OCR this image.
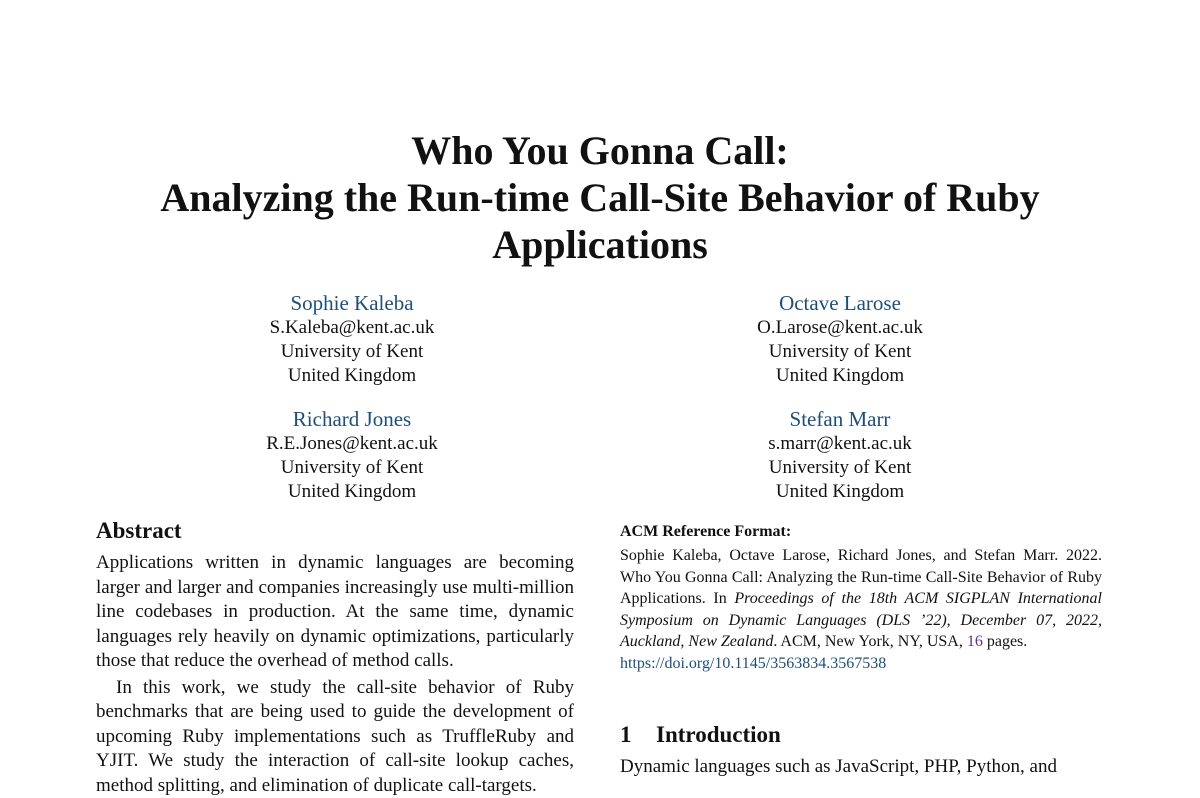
Who You Gonna Call:
Analyzing the Run-time Call-Site Behavior of Ruby
Applications
Sophie Kaleba
S.Kaleba@kent.ac.uk
University of Kent
United Kingdom
Octave Larose
O.Larose@kent.ac.uk
University of Kent
United Kingdom
Richard Jones
R.E.Jones@kent.ac.uk
University of Kent
United Kingdom
Stefan Marr
s.marr@kent.ac.uk
University of Kent
United Kingdom
Abstract

Applications written in dynamic languages are becoming larger and larger and companies increasingly use multi-million line codebases in production. At the same time, dynamic languages rely heavily on dynamic optimizations, particularly those that reduce the overhead of method calls.

In this work, we study the call-site behavior of Ruby benchmarks that are being used to guide the development of upcoming Ruby implementations such as TruffleRuby and YJIT. We study the interaction of call-site lookup caches, method splitting, and elimination of duplicate call-targets.

ACM Reference Format:

Sophie Kaleba, Octave Larose, Richard Jones, and Stefan Marr. 2022. Who You Gonna Call: Analyzing the Run-time Call-Site Behavior of Ruby Applications. In Proceedings of the 18th ACM SIGPLAN International Symposium on Dynamic Languages (DLS ’22), December 07, 2022, Auckland, New Zealand. ACM, New York, NY, USA, 16 pages.
https://doi.org/10.1145/3563834.3567538

1 Introduction

Dynamic languages such as JavaScript, PHP, Python, and
